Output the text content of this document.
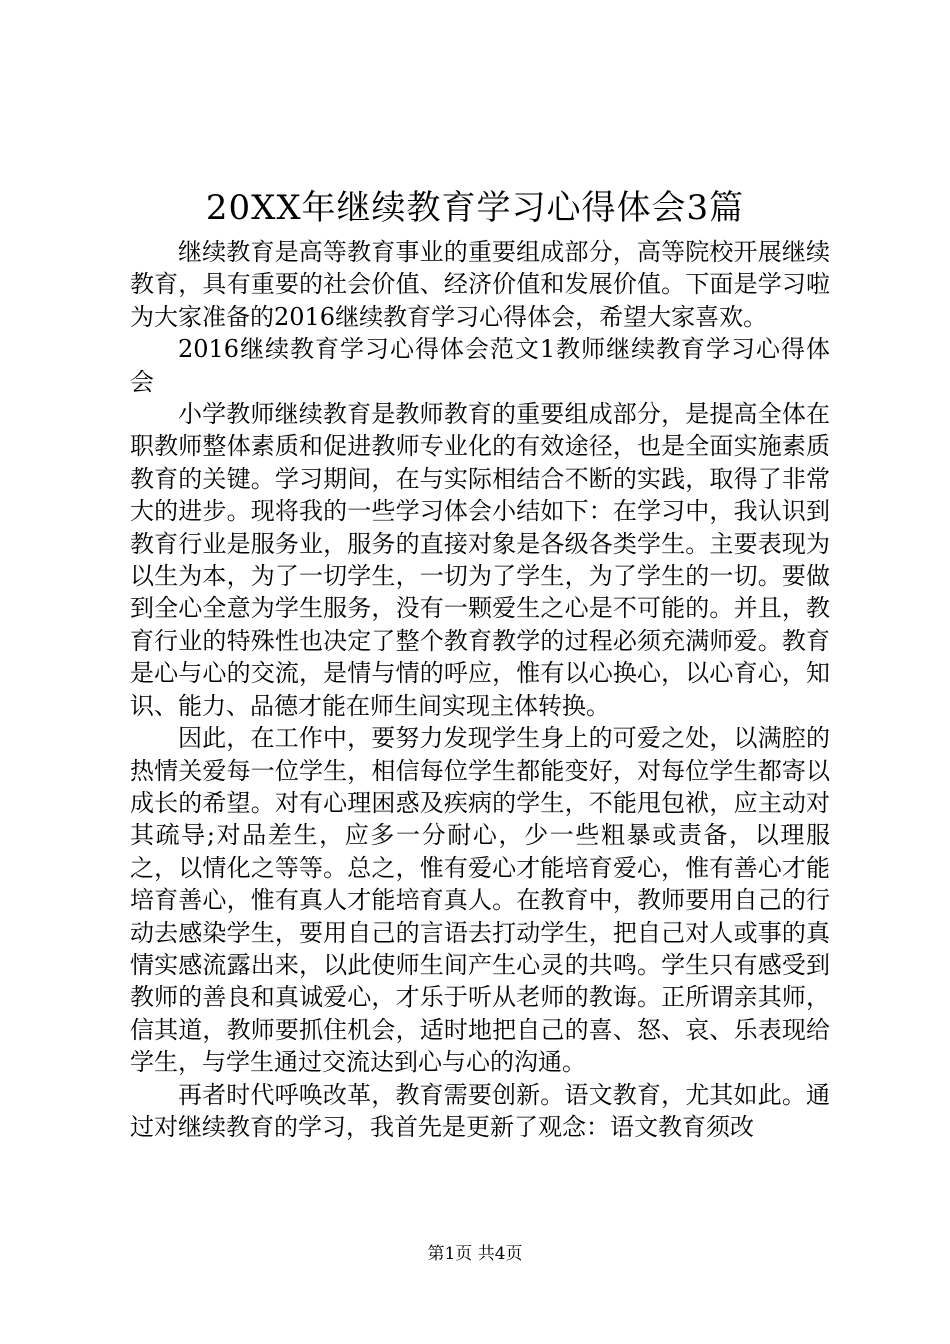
20XX年继续教育学习心得体会3篇

继续教育是高等教育事业的重要组成部分，高等院校开展继续教育，具有重要的社会价值、经济价值和发展价值。下面是学习啦为大家准备的2016继续教育学习心得体会，希望大家喜欢。

2016继续教育学习心得体会范文1教师继续教育学习心得体会

小学教师继续教育是教师教育的重要组成部分，是提高全体在职教师整体素质和促进教师专业化的有效途径，也是全面实施素质教育的关键。学习期间，在与实际相结合不断的实践，取得了非常大的进步。现将我的一些学习体会小结如下：在学习中，我认识到教育行业是服务业，服务的直接对象是各级各类学生。主要表现为以生为本，为了一切学生，一切为了学生，为了学生的一切。要做到全心全意为学生服务，没有一颗爱生之心是不可能的。并且，教育行业的特殊性也决定了整个教育教学的过程必须充满师爱。教育是心与心的交流，是情与情的呼应，惟有以心换心，以心育心，知识、能力、品德才能在师生间实现主体转换。

因此，在工作中，要努力发现学生身上的可爱之处，以满腔的热情关爱每一位学生，相信每位学生都能变好，对每位学生都寄以成长的希望。对有心理困惑及疾病的学生，不能甩包袱，应主动对其疏导;对品差生，应多一分耐心，少一些粗暴或责备，以理服之，以情化之等等。总之，惟有爱心才能培育爱心，惟有善心才能培育善心，惟有真人才能培育真人。在教育中，教师要用自己的行动去感染学生，要用自己的言语去打动学生，把自己对人或事的真情实感流露出来，以此使师生间产生心灵的共鸣。学生只有感受到教师的善良和真诚爱心，才乐于听从老师的教诲。正所谓亲其师，信其道，教师要抓住机会，适时地把自己的喜、怒、哀、乐表现给学生，与学生通过交流达到心与心的沟通。

再者时代呼唤改革，教育需要创新。语文教育，尤其如此。通过对继续教育的学习，我首先是更新了观念：语文教育须改

第1页 共4页
